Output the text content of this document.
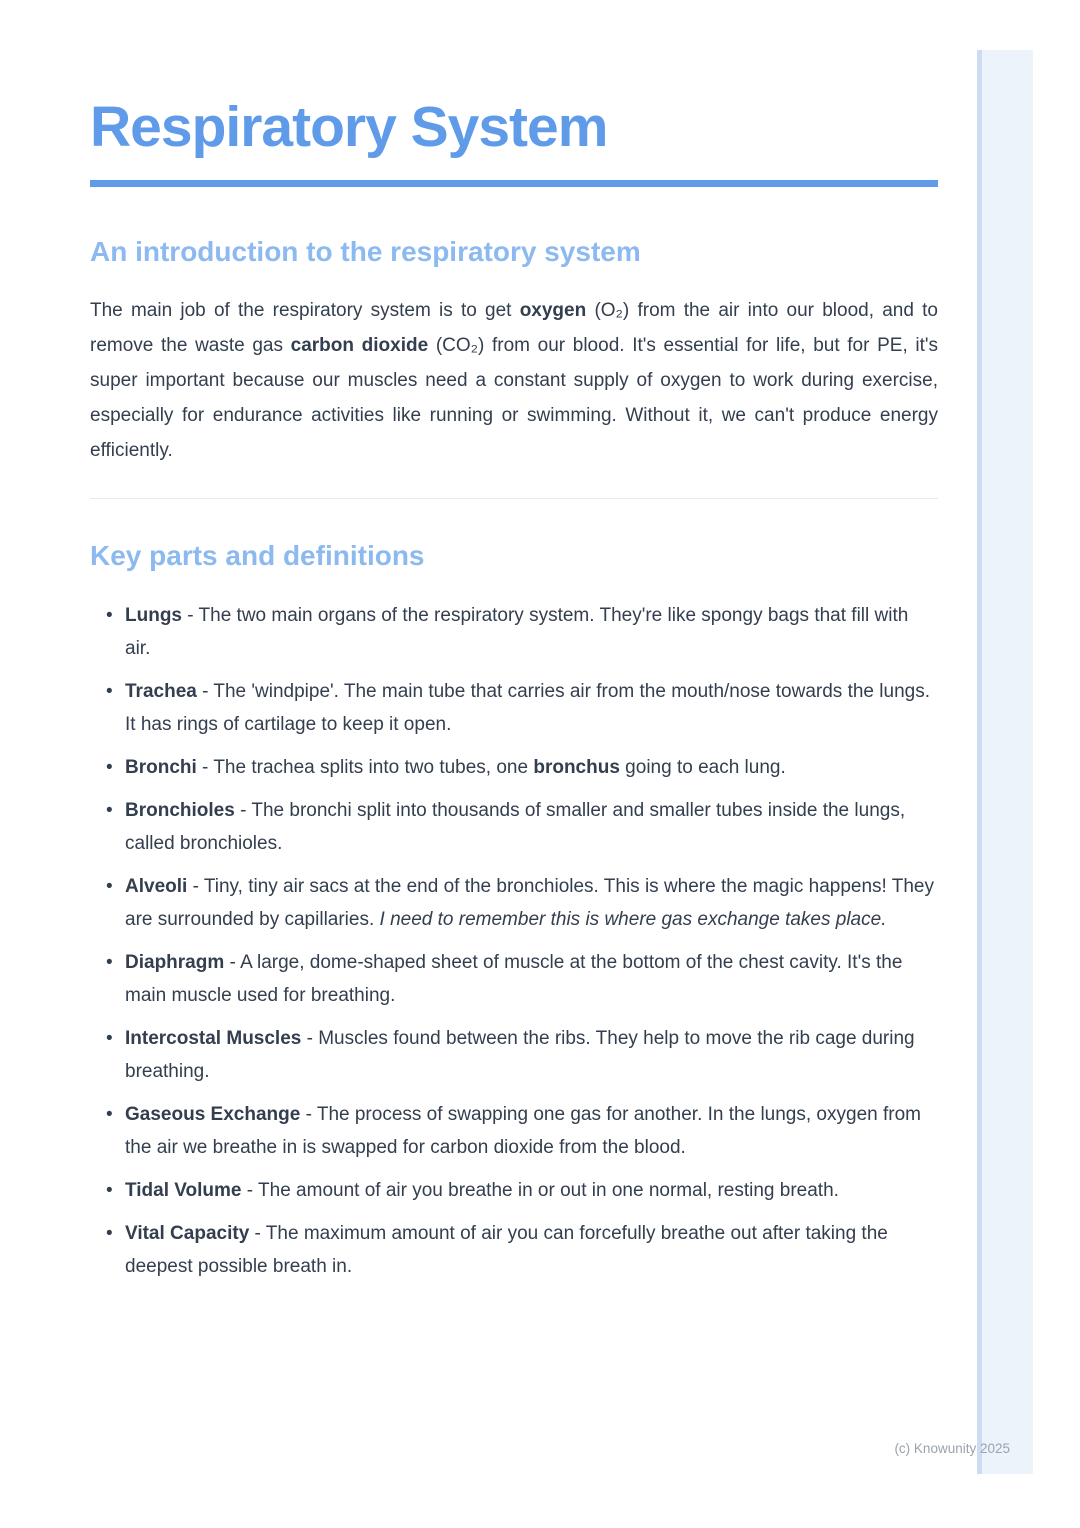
Respiratory System
An introduction to the respiratory system

The main job of the respiratory system is to get oxygen (O₂) from the air into our blood, and to remove the waste gas carbon dioxide (CO₂) from our blood. It's essential for life, but for PE, it's super important because our muscles need a constant supply of oxygen to work during exercise, especially for endurance activities like running or swimming. Without it, we can't produce energy efficiently.

Key parts and definitions
• Lungs - The two main organs of the respiratory system. They're like spongy bags that fill with air.
• Trachea - The 'windpipe'. The main tube that carries air from the mouth/nose towards the lungs. It has rings of cartilage to keep it open.
• Bronchi - The trachea splits into two tubes, one bronchus going to each lung.
• Bronchioles - The bronchi split into thousands of smaller and smaller tubes inside the lungs, called bronchioles.
• Alveoli - Tiny, tiny air sacs at the end of the bronchioles. This is where the magic happens! They are surrounded by capillaries. I need to remember this is where gas exchange takes place.
• Diaphragm - A large, dome-shaped sheet of muscle at the bottom of the chest cavity. It's the main muscle used for breathing.
• Intercostal Muscles - Muscles found between the ribs. They help to move the rib cage during breathing.
• Gaseous Exchange - The process of swapping one gas for another. In the lungs, oxygen from the air we breathe in is swapped for carbon dioxide from the blood.
• Tidal Volume - The amount of air you breathe in or out in one normal, resting breath.
• Vital Capacity - The maximum amount of air you can forcefully breathe out after taking the deepest possible breath in.
(c) Knowunity 2025
